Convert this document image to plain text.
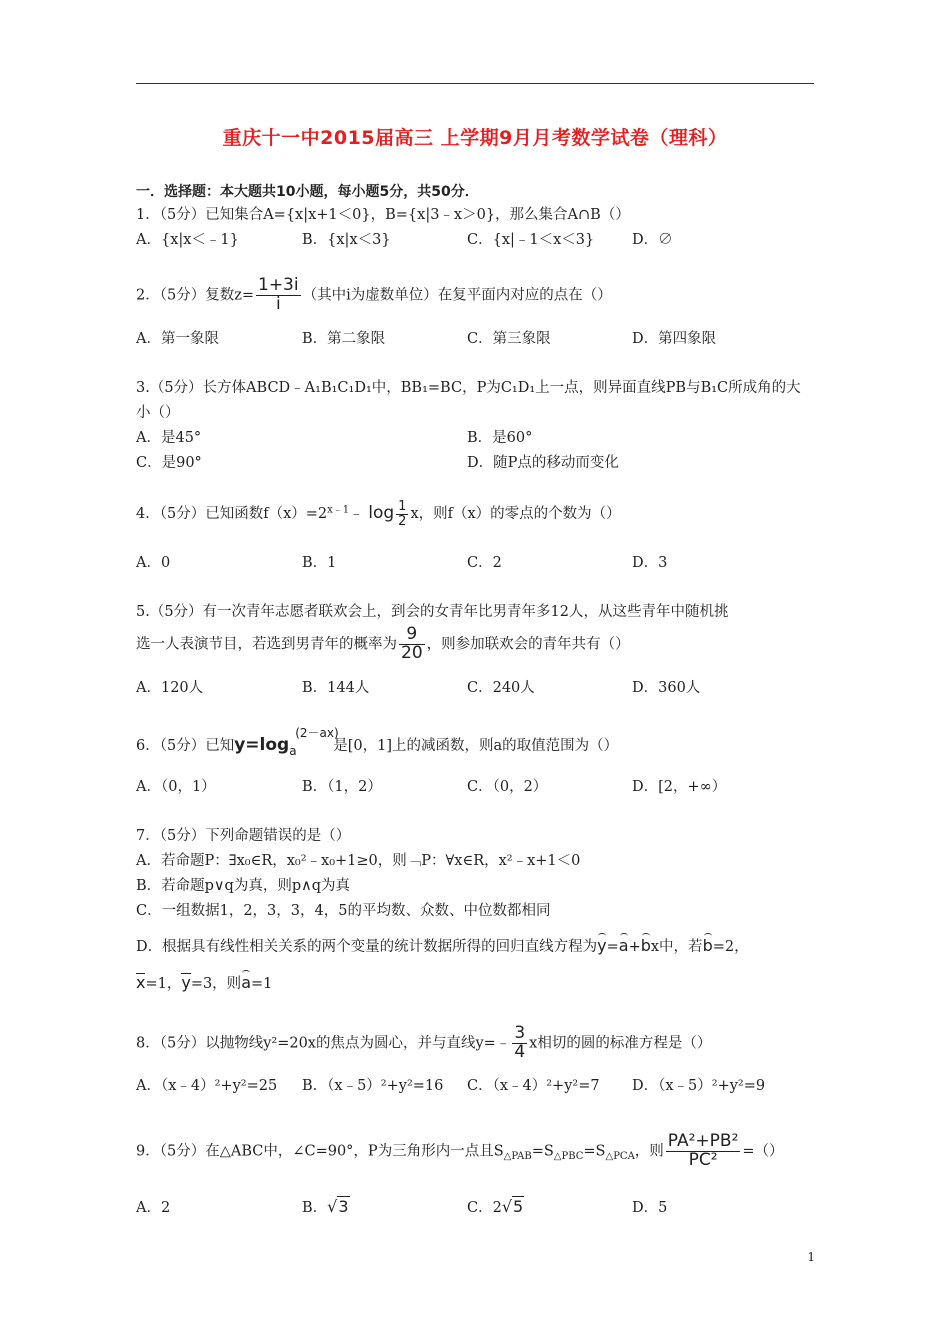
重庆十一中2015届高三 上学期9月月考数学试卷（理科）
一．选择题：本大题共10小题，每小题5分，共50分．
1．（5分）已知集合A={x|x+1＜0}，B={x|3﹣x＞0}，那么集合A∩B（）
A．{x|x＜﹣1}	B．{x|x＜3}	C．{x|﹣1＜x＜3}	D．∅
2．（5分）复数$z= \frac{1+3i}{i}$ （其中i为虚数单位）在复平面内对应的点在（）
A．第一象限	B．第二象限	C．第三象限	D．第四象限
3.（5分）长方体ABCD﹣A₁B₁C₁D₁中，BB₁=BC，P为C₁D₁上一点，则异面直线PB与B₁C所成角的大
小（）
A．是45°	B．是60°
C．是90°	D．随P点的移动而变化
4．（5分）已知函数$f(x)=2^{x﹣1}﹣$ $\log \frac{1}{2}$ x，则f（x）的零点的个数为（）
A．0	B．1	C．2	D．3
5.（5分）有一次青年志愿者联欢会上，到会的女青年比男青年多12人，从这些青年中随机挑
选一人表演节目，若选到男青年的概率为 $\frac{9}{20}$ ，则参加联欢会的青年共有（）
A．120人	B．144人	C．240人	D．360人
6．（5分）已知y=log a
(2－ax)
是[0，1]上的减函数，则a的取值范围为（）
A．（0，1）	B．（1，2）	C．（0，2）	D．[2，+∞）
7．（5分）下列命题错误的是（）
A．若命题P：∃x₀∈R，x₀²﹣x₀+1≥0，则﹁P：∀x∈R，x²﹣x+1＜0
B．若命题p∨q为真，则p∧q为真
C．一组数据1，2，3，3，4，5的平均数、众数、中位数都相同
D．根据具有线性相关关系的两个变量的统计数据所得的回归直线方程为y=a+bx中，若b=2，
x=1，y=3，则a=1
8．（5分）以抛物线y²=20x的焦点为圆心，并与直线y=﹣ $\frac{3}{4}$ x相切的圆的标准方程是（）
A．（x﹣4）²+y²=25 B．（x﹣5）²+y²=16 C．（x﹣4）²+y²=7 D．（x﹣5）²+y²=9
9．（5分）在△ABC中，∠C=90°，P为三角形内一点且$S_{\triangle PAB}=S_{\triangle PBC}=S_{\triangle PCA}$，则 $\frac{\text{PA²+PB²}}{\text{PC²}}$ =（）
A．2	B．√3	C．2√5	D．5
1
